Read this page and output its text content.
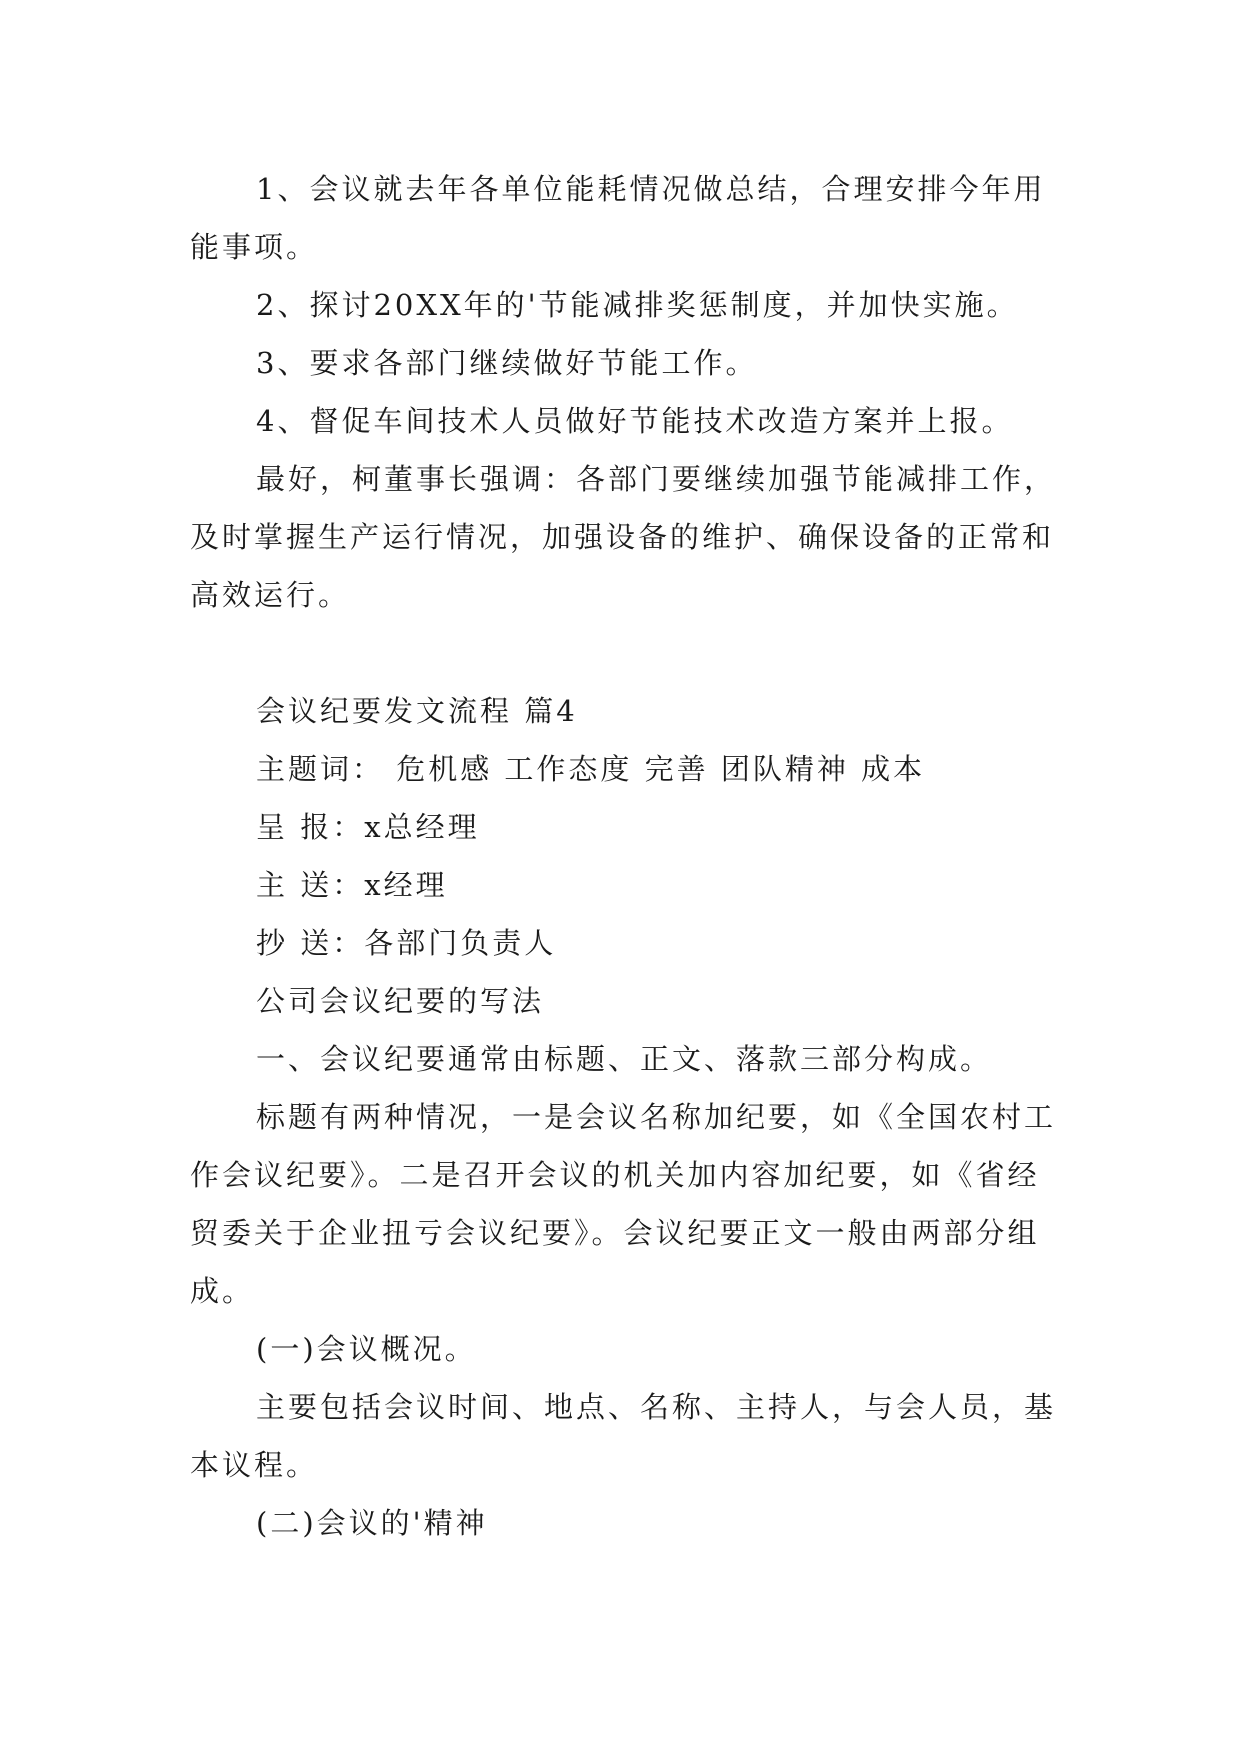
1、会议就去年各单位能耗情况做总结，合理安排今年用能事项。

2、探讨20XX年的'节能减排奖惩制度，并加快实施。

3、要求各部门继续做好节能工作。

4、督促车间技术人员做好节能技术改造方案并上报。

最好，柯董事长强调：各部门要继续加强节能减排工作，及时掌握生产运行情况，加强设备的维护、确保设备的正常和高效运行。

会议纪要发文流程 篇4

主题词： 危机感 工作态度 完善 团队精神 成本

呈 报：x总经理

主 送：x经理

抄 送：各部门负责人

公司会议纪要的写法

一、会议纪要通常由标题、正文、落款三部分构成。

标题有两种情况，一是会议名称加纪要，如《全国农村工作会议纪要》。二是召开会议的机关加内容加纪要，如《省经贸委关于企业扭亏会议纪要》。会议纪要正文一般由两部分组成。

(一)会议概况。

主要包括会议时间、地点、名称、主持人，与会人员，基本议程。

(二)会议的'精神
